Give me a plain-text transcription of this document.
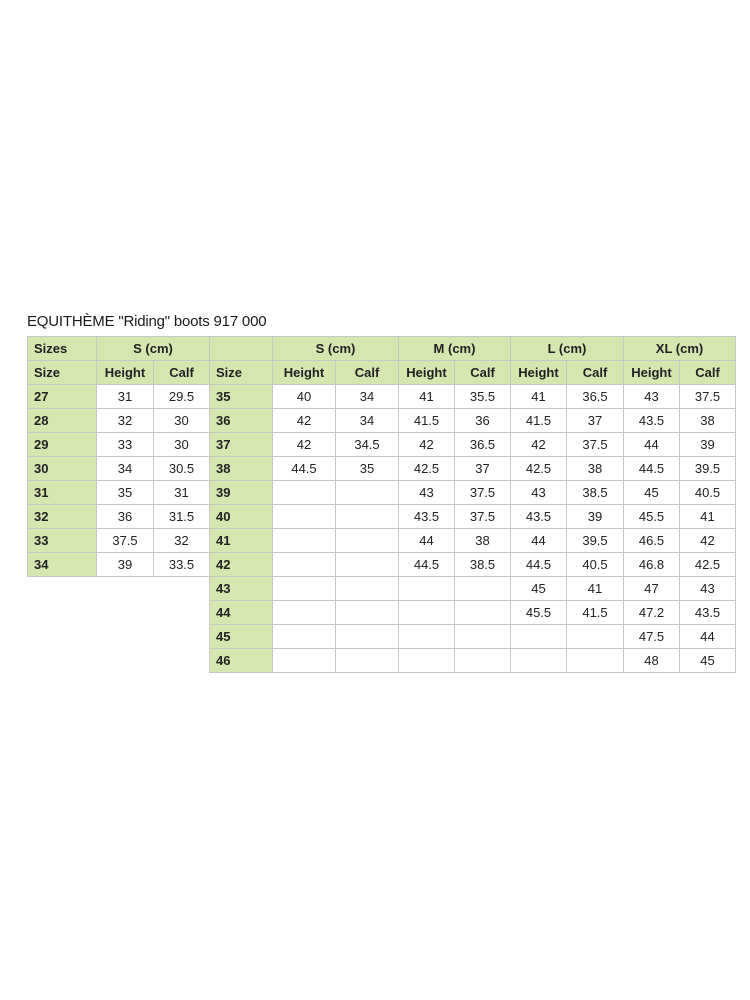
EQUITHÈME "Riding" boots 917 000
Sizes	S (cm)			S (cm)		M (cm)		L (cm)		XL (cm)	
Size	Height	Calf	Size	Height	Calf	Height	Calf	Height	Calf	Height	Calf
27	31	29.5	35	40	34	41	35.5	41	36.5	43	37.5
28	32	30	36	42	34	41.5	36	41.5	37	43.5	38
29	33	30	37	42	34.5	42	36.5	42	37.5	44	39
30	34	30.5	38	44.5	35	42.5	37	42.5	38	44.5	39.5
31	35	31	39			43	37.5	43	38.5	45	40.5
32	36	31.5	40			43.5	37.5	43.5	39	45.5	41
33	37.5	32	41			44	38	44	39.5	46.5	42
34	39	33.5	42			44.5	38.5	44.5	40.5	46.8	42.5
			43					45	41	47	43
			44					45.5	41.5	47.2	43.5
			45							47.5	44
			46							48	45
